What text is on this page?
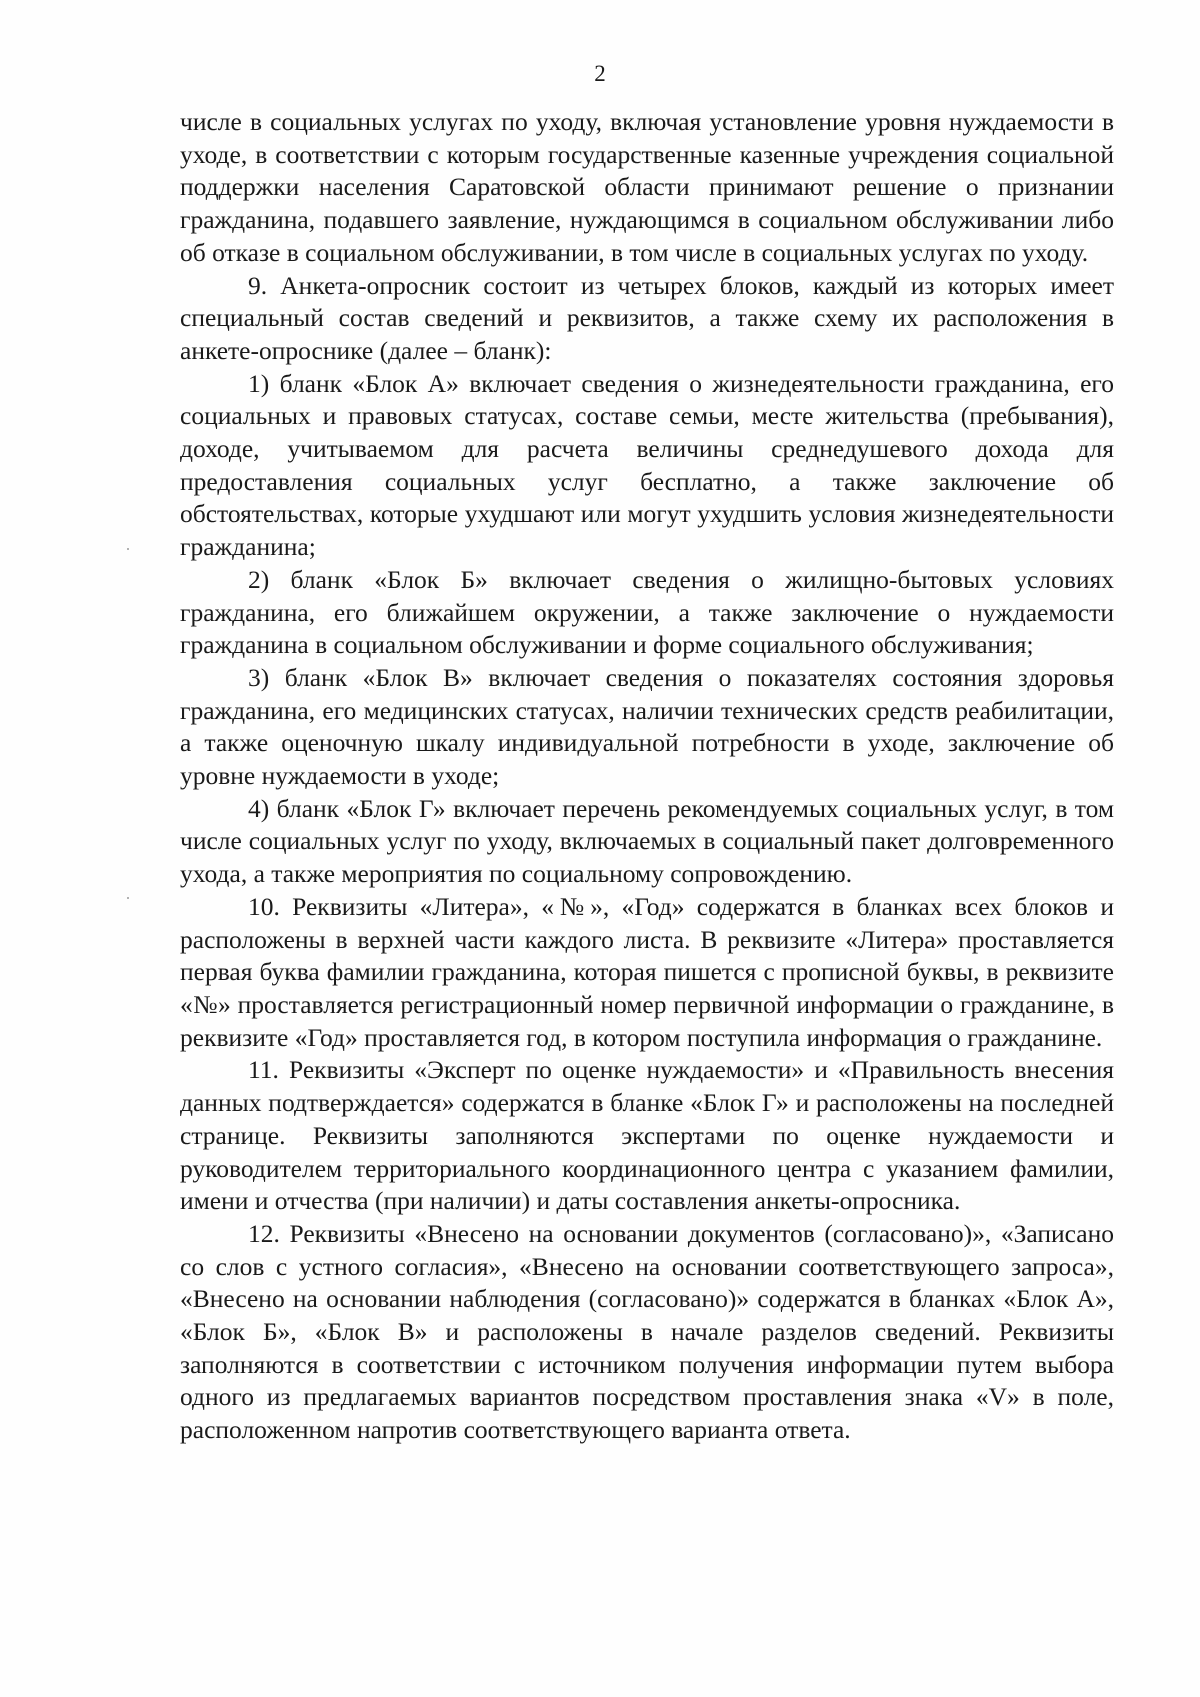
2

числе в социальных услугах по уходу, включая установление уровня нуждаемости в уходе, в соответствии с которым государственные казенные учреждения социальной поддержки населения Саратовской области принимают решение о признании гражданина, подавшего заявление, нуждающимся в социальном обслуживании либо об отказе в социальном обслуживании, в том числе в социальных услугах по уходу.

9. Анкета-опросник состоит из четырех блоков, каждый из которых имеет специальный состав сведений и реквизитов, а также схему их расположения в анкете-опроснике (далее – бланк):

1) бланк «Блок А» включает сведения о жизнедеятельности гражданина, его социальных и правовых статусах, составе семьи, месте жительства (пребывания), доходе, учитываемом для расчета величины среднедушевого дохода для предоставления социальных услуг бесплатно, а также заключение об обстоятельствах, которые ухудшают или могут ухудшить условия жизнедеятельности гражданина;

2) бланк «Блок Б» включает сведения о жилищно-бытовых условиях гражданина, его ближайшем окружении, а также заключение о нуждаемости гражданина в социальном обслуживании и форме социального обслуживания;

3) бланк «Блок В» включает сведения о показателях состояния здоровья гражданина, его медицинских статусах, наличии технических средств реабилитации, а также оценочную шкалу индивидуальной потребности в уходе, заключение об уровне нуждаемости в уходе;

4) бланк «Блок Г» включает перечень рекомендуемых социальных услуг, в том числе социальных услуг по уходу, включаемых в социальный пакет долговременного ухода, а также мероприятия по социальному сопровождению.

10. Реквизиты «Литера», «№», «Год» содержатся в бланках всех блоков и расположены в верхней части каждого листа. В реквизите «Литера» проставляется первая буква фамилии гражданина, которая пишется с прописной буквы, в реквизите «№» проставляется регистрационный номер первичной информации о гражданине, в реквизите «Год» проставляется год, в котором поступила информация о гражданине.

11. Реквизиты «Эксперт по оценке нуждаемости» и «Правильность внесения данных подтверждается» содержатся в бланке «Блок Г» и расположены на последней странице. Реквизиты заполняются экспертами по оценке нуждаемости и руководителем территориального координационного центра с указанием фамилии, имени и отчества (при наличии) и даты составления анкеты-опросника.

12. Реквизиты «Внесено на основании документов (согласовано)», «Записано со слов с устного согласия», «Внесено на основании соответствующего запроса», «Внесено на основании наблюдения (согласовано)» содержатся в бланках «Блок А», «Блок Б», «Блок В» и расположены в начале разделов сведений. Реквизиты заполняются в соответствии с источником получения информации путем выбора одного из предлагаемых вариантов посредством проставления знака «V» в поле, расположенном напротив соответствующего варианта ответа.
